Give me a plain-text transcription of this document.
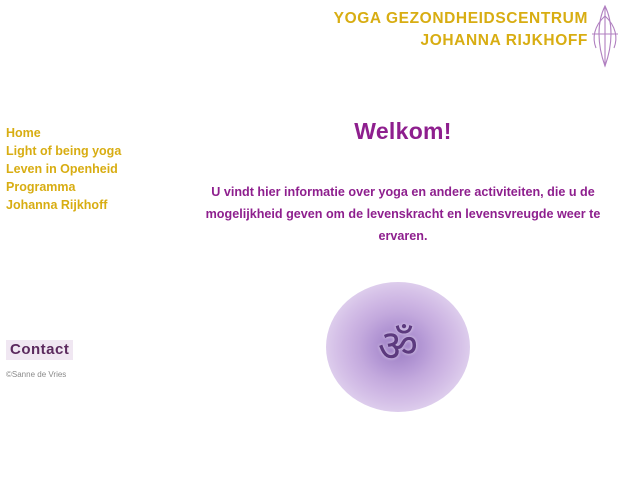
YOGA GEZONDHEIDSCENTRUM
JOHANNA RIJKHOFF
Home
Light of being yoga
Leven in Openheid
Programma
Johanna Rijkhoff
Contact
©Sanne de Vries
Welkom!

U vindt hier informatie over yoga en andere activiteiten, die u de mogelijkheid geven om de levenskracht en levensvreugde weer te ervaren.

ॐ
